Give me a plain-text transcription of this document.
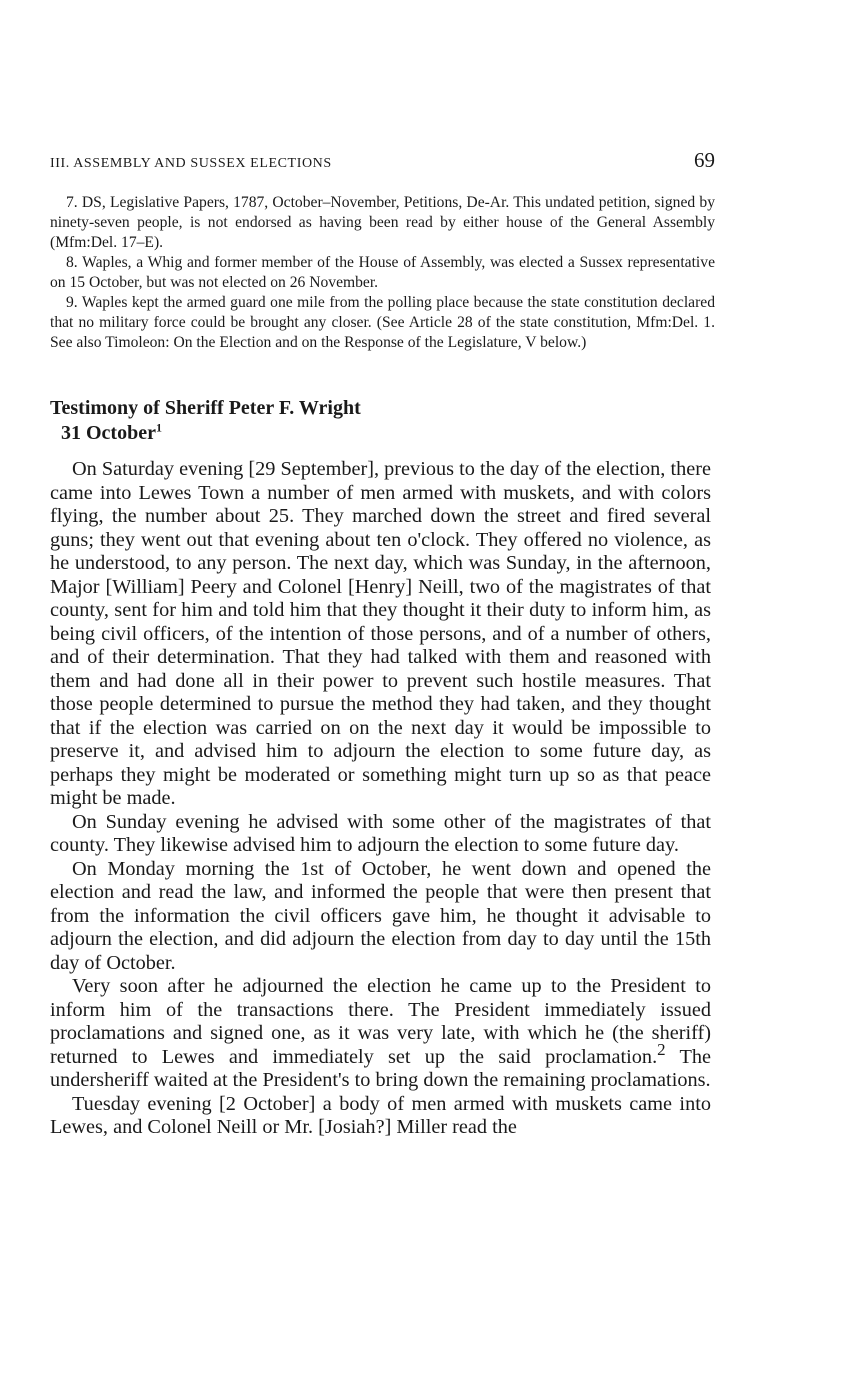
III. ASSEMBLY AND SUSSEX ELECTIONS	69

7. DS, Legislative Papers, 1787, October–November, Petitions, De-Ar. This undated petition, signed by ninety-seven people, is not endorsed as having been read by either house of the General Assembly (Mfm:Del. 17–E).

8. Waples, a Whig and former member of the House of Assembly, was elected a Sussex representative on 15 October, but was not elected on 26 November.

9. Waples kept the armed guard one mile from the polling place because the state constitution declared that no military force could be brought any closer. (See Article 28 of the state constitution, Mfm:Del. 1. See also Timoleon: On the Election and on the Response of the Legislature, V below.)

Testimony of Sheriff Peter F. Wright
31 October$^1$

On Saturday evening [29 September], previous to the day of the election, there came into Lewes Town a number of men armed with muskets, and with colors flying, the number about 25. They marched down the street and fired several guns; they went out that evening about ten o'clock. They offered no violence, as he understood, to any person. The next day, which was Sunday, in the afternoon, Major [William] Peery and Colonel [Henry] Neill, two of the magistrates of that county, sent for him and told him that they thought it their duty to inform him, as being civil officers, of the intention of those persons, and of a number of others, and of their determination. That they had talked with them and reasoned with them and had done all in their power to prevent such hostile measures. That those people determined to pursue the method they had taken, and they thought that if the election was carried on on the next day it would be impossible to preserve it, and advised him to adjourn the election to some future day, as perhaps they might be moderated or something might turn up so as that peace might be made.

On Sunday evening he advised with some other of the magistrates of that county. They likewise advised him to adjourn the election to some future day.

On Monday morning the 1st of October, he went down and opened the election and read the law, and informed the people that were then present that from the information the civil officers gave him, he thought it advisable to adjourn the election, and did adjourn the election from day to day until the 15th day of October.

Very soon after he adjourned the election he came up to the President to inform him of the transactions there. The President immediately issued proclamations and signed one, as it was very late, with which he (the sheriff) returned to Lewes and immediately set up the said proclamation.$^2$ The undersheriff waited at the President's to bring down the remaining proclamations.

Tuesday evening [2 October] a body of men armed with muskets came into Lewes, and Colonel Neill or Mr. [Josiah?] Miller read the
